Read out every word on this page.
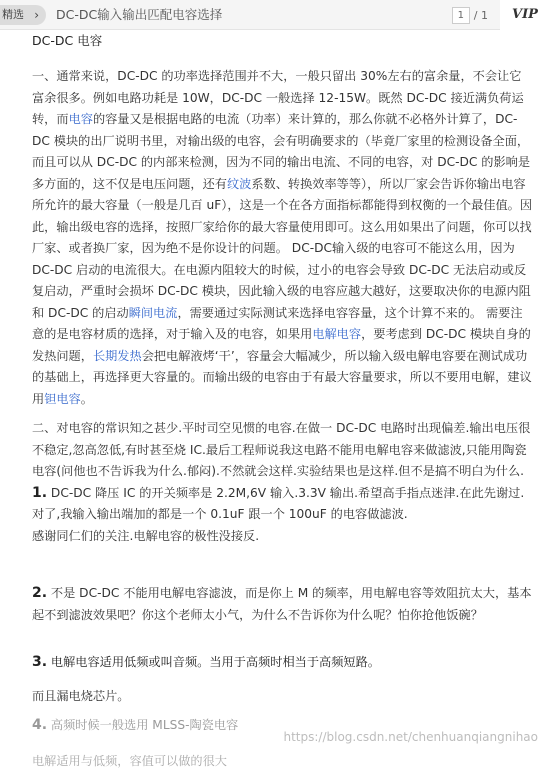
精选 › DC-DC输入输出匹配电容选择	1 / 1	VIP
DC-DC 电容
一、通常来说，DC-DC 的功率选择范围并不大，一般只留出 30%左右的富余量，不会让它富余很多。例如电路功耗是 10W，DC-DC 一般选择 12-15W。既然 DC-DC 接近满负荷运转，而电容的容量又是根据电路的电流（功率）来计算的，那么你就不必格外计算了，DC-DC 模块的出厂说明书里，对输出级的电容，会有明确要求的（毕竟厂家里的检测设备全面，而且可以从 DC-DC 的内部来检测，因为不同的输出电流、不同的电容，对 DC-DC 的影响是多方面的，这不仅是电压问题，还有纹波系数、转换效率等等），所以厂家会告诉你输出电容所允许的最大容量（一般是几百 uF），这是一个在各方面指标都能得到权衡的一个最佳值。因此，输出级电容的选择，按照厂家给你的最大容量使用即可。这么用如果出了问题，你可以找厂家、或者换厂家，因为绝不是你设计的问题。 DC-DC输入级的电容可不能这么用，因为 DC-DC 启动的电流很大。在电源内阻较大的时候，过小的电容会导致 DC-DC 无法启动或反复启动，严重时会损坏 DC-DC 模块，因此输入级的电容应越大越好，这要取决你的电源内阻和 DC-DC 的启动瞬间电流，需要通过实际测试来选择电容容量，这个计算不来的。 需要注意的是电容材质的选择，对于输入及的电容，如果用电解电容，要考虑到 DC-DC 模块自身的发热问题，长期发热会把电解液烤‘干’，容量会大幅减少，所以输入级电解电容要在测试成功的基础上，再选择更大容量的。而输出级的电容由于有最大容量要求，所以不要用电解，建议用钽电容。
二、对电容的常识知之甚少.平时司空见惯的电容.在做一 DC-DC 电路时出现偏差.输出电压很不稳定,忽高忽低,有时甚至烧 IC.最后工程师说我这电路不能用电解电容来做滤波,只能用陶瓷电容(问他也不告诉我为什么.郁闷).不然就会这样.实验结果也是这样.但不是搞不明白为什么.
1. DC-DC 降压 IC 的开关频率是 2.2M,6V 输入.3.3V 输出.希望高手指点迷津.在此先谢过.对了,我输入输出端加的都是一个 0.1uF 跟一个 100uF 的电容做滤波.
感谢同仁们的关注.电解电容的极性没接反.
2. 不是 DC-DC 不能用电解电容滤波，而是你上 M 的频率，用电解电容等效阻抗太大，基本起不到滤波效果吧？你这个老师太小气，为什么不告诉你为什么呢？怕你抢他饭碗？
3. 电解电容适用低频或叫音频。当用于高频时相当于高频短路。
而且漏电烧芯片。
4. 高频时候一般选用 MLSS-陶瓷电容
电解适用与低频，容值可以做的很大
https://blog.csdn.net/chenhuanqiangnihao
